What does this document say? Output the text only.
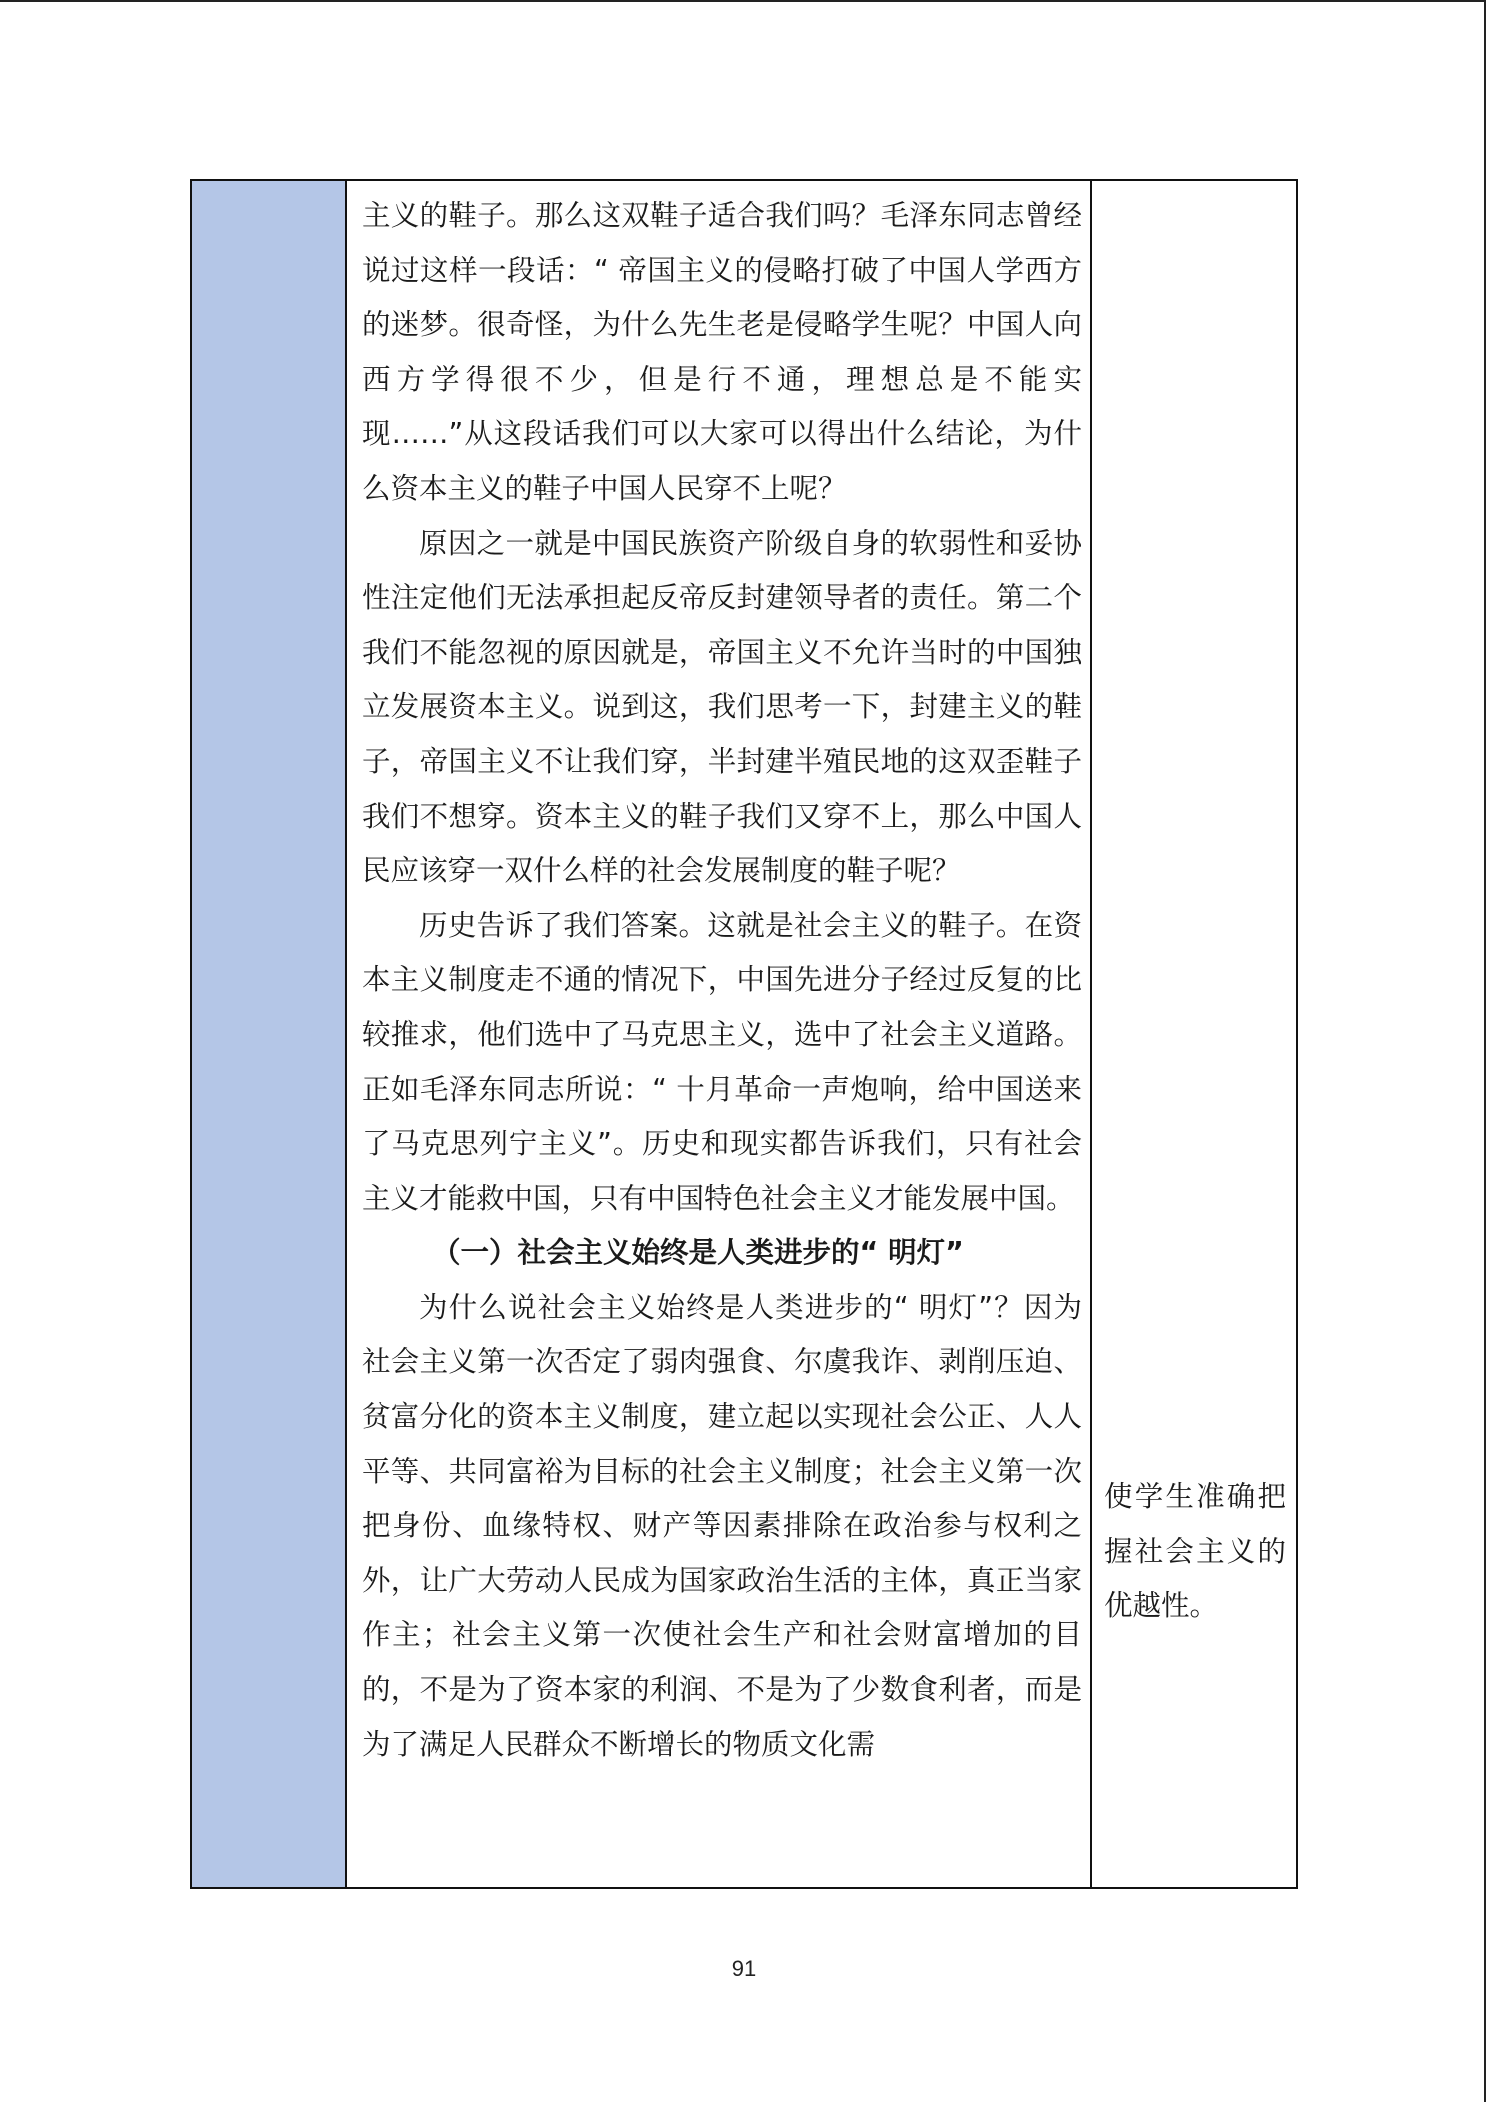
主义的鞋子。那么这双鞋子适合我们吗？毛泽东同志曾经说过这样一段话：“ 帝国主义的侵略打破了中国人学西方的迷梦。很奇怪，为什么先生老是侵略学生呢？中国人向西方学得很不少，但是行不通，理想总是不能实现……”从这段话我们可以大家可以得出什么结论，为什么资本主义的鞋子中国人民穿不上呢？

原因之一就是中国民族资产阶级自身的软弱性和妥协性注定他们无法承担起反帝反封建领导者的责任。第二个我们不能忽视的原因就是，帝国主义不允许当时的中国独立发展资本主义。说到这，我们思考一下，封建主义的鞋子，帝国主义不让我们穿，半封建半殖民地的这双歪鞋子我们不想穿。资本主义的鞋子我们又穿不上，那么中国人民应该穿一双什么样的社会发展制度的鞋子呢？

历史告诉了我们答案。这就是社会主义的鞋子。在资本主义制度走不通的情况下，中国先进分子经过反复的比较推求，他们选中了马克思主义，选中了社会主义道路。正如毛泽东同志所说：“ 十月革命一声炮响，给中国送来了马克思列宁主义”。历史和现实都告诉我们，只有社会主义才能救中国，只有中国特色社会主义才能发展中国。

（一）社会主义始终是人类进步的“ 明灯”

为什么说社会主义始终是人类进步的“ 明灯”？因为社会主义第一次否定了弱肉强食、尔虞我诈、剥削压迫、贫富分化的资本主义制度，建立起以实现社会公正、人人平等、共同富裕为目标的社会主义制度；社会主义第一次把身份、血缘特权、财产等因素排除在政治参与权利之外，让广大劳动人民成为国家政治生活的主体，真正当家作主；社会主义第一次使社会生产和社会财富增加的目的，不是为了资本家的利润、不是为了少数食利者，而是为了满足人民群众不断增长的物质文化需

使学生准确把握社会主义的优越性。

91
